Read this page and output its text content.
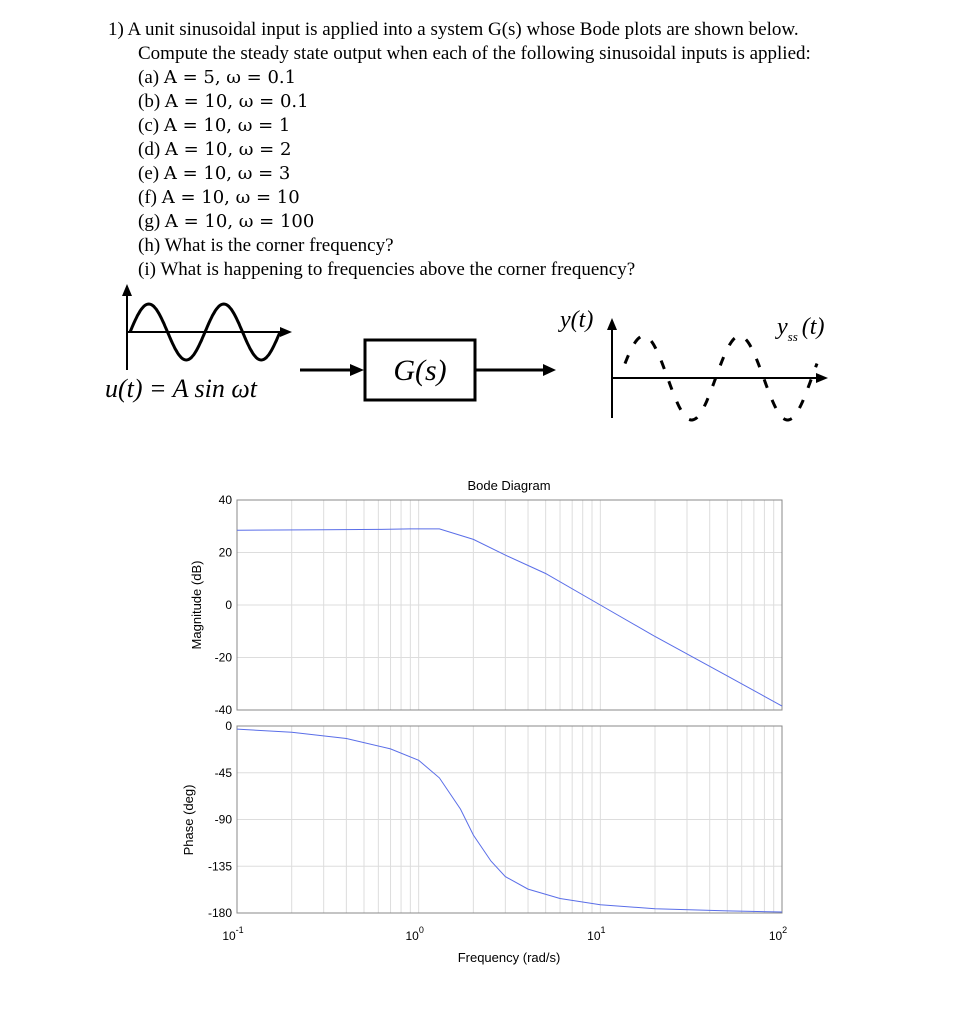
1) A unit sinusoidal input is applied into a system G(s) whose Bode plots are shown below.
Compute the steady state output when each of the following sinusoidal inputs is applied:
(a) A = 5, ω = 0.1
(b) A = 10, ω = 0.1
(c) A = 10, ω = 1
(d) A = 10, ω = 2
(e) A = 10, ω = 3
(f) A = 10, ω = 10
(g) A = 10, ω = 100
(h) What is the corner frequency?
(i) What is happening to frequencies above the corner frequency?
u(t) = A sin ωt
G(s)
y(t)	$y_{ss}$ (t)
Bode Diagram
40
20
0
-20
-40
0
-45
-90
-135
-180
$10^{-1}$	$10^0$	$10^1$	$10^2$
Magnitude (dB)
Phase (deg)
Frequency (rad/s)
